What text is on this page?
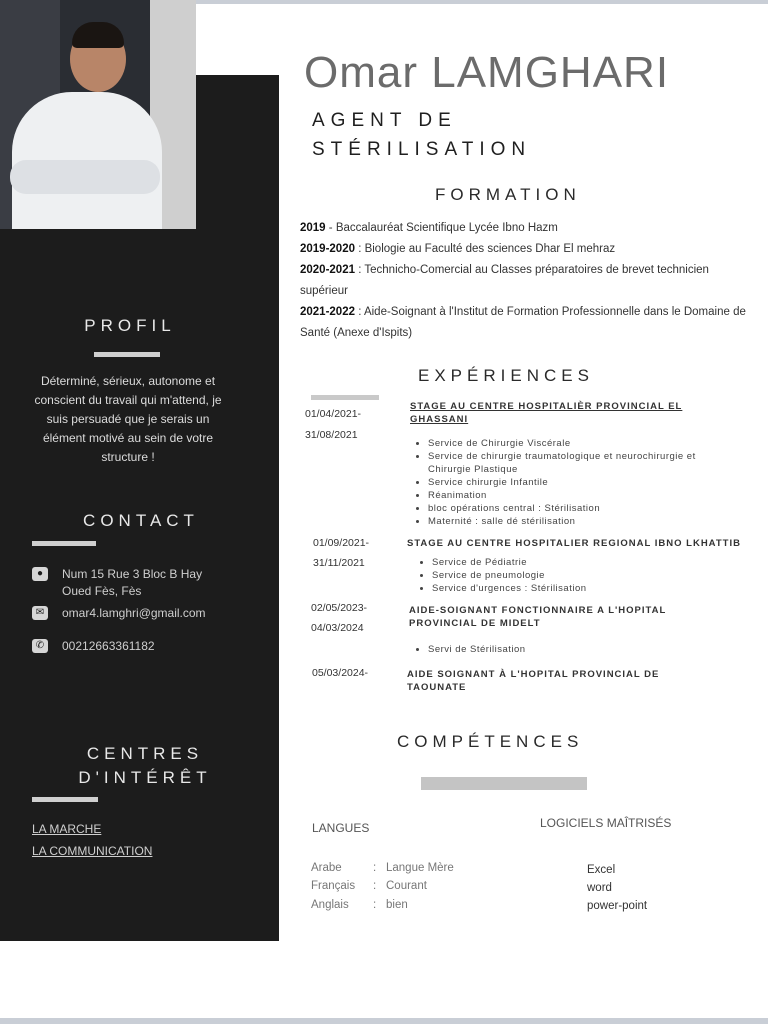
PROFIL
Déterminé, sérieux, autonome et conscient du travail qui m'attend, je suis persuadé que je serais un élément motivé au sein de votre structure !
CONTACT
●	Num 15 Rue 3 Bloc B Hay
Oued Fès, Fès
✉	omar4.lamghri@gmail.com
✆	00212663361182
CENTRES
D'INTÉRÊT
LA MARCHE
LA COMMUNICATION
Omar LAMGHARI
AGENT DE
STÉRILISATION
FORMATION
2019 - Baccalauréat Scientifique Lycée Ibno Hazm
2019-2020 : Biologie au Faculté des sciences Dhar El mehraz
2020-2021 : Technicho-Comercial au Classes préparatoires de brevet technicien supérieur
2021-2022 : Aide-Soignant à l'Institut de Formation Professionnelle dans le Domaine de Santé (Anexe d'Ispits)
EXPÉRIENCES
01/04/2021-
31/08/2021
STAGE AU CENTRE HOSPITALIÈR PROVINCIAL EL GHASSANI
• Service de Chirurgie Viscérale
• Service de chirurgie traumatologique et neurochirurgie et Chirurgie Plastique
• Service chirurgie Infantile
• Réanimation
• bloc opérations central : Stérilisation
• Maternité : salle dé stérilisation
01/09/2021-
31/11/2021
STAGE AU CENTRE HOSPITALIER REGIONAL IBNO LKHATTIB
• Service de Pédiatrie
• Service de pneumologie
• Service d'urgences : Stérilisation
02/05/2023-
04/03/2024
AIDE-SOIGNANT FONCTIONNAIRE A L'HOPITAL PROVINCIAL DE MIDELT
• Servi de Stérilisation
05/03/2024-	AIDE SOIGNANT À L'HOPITAL PROVINCIAL DE TAOUNATE
COMPÉTENCES
LANGUES	LOGICIELS MAÎTRISÉS
Arabe	: Langue Mère
Français : Courant
Anglais : bien
Excel
word
power-point
